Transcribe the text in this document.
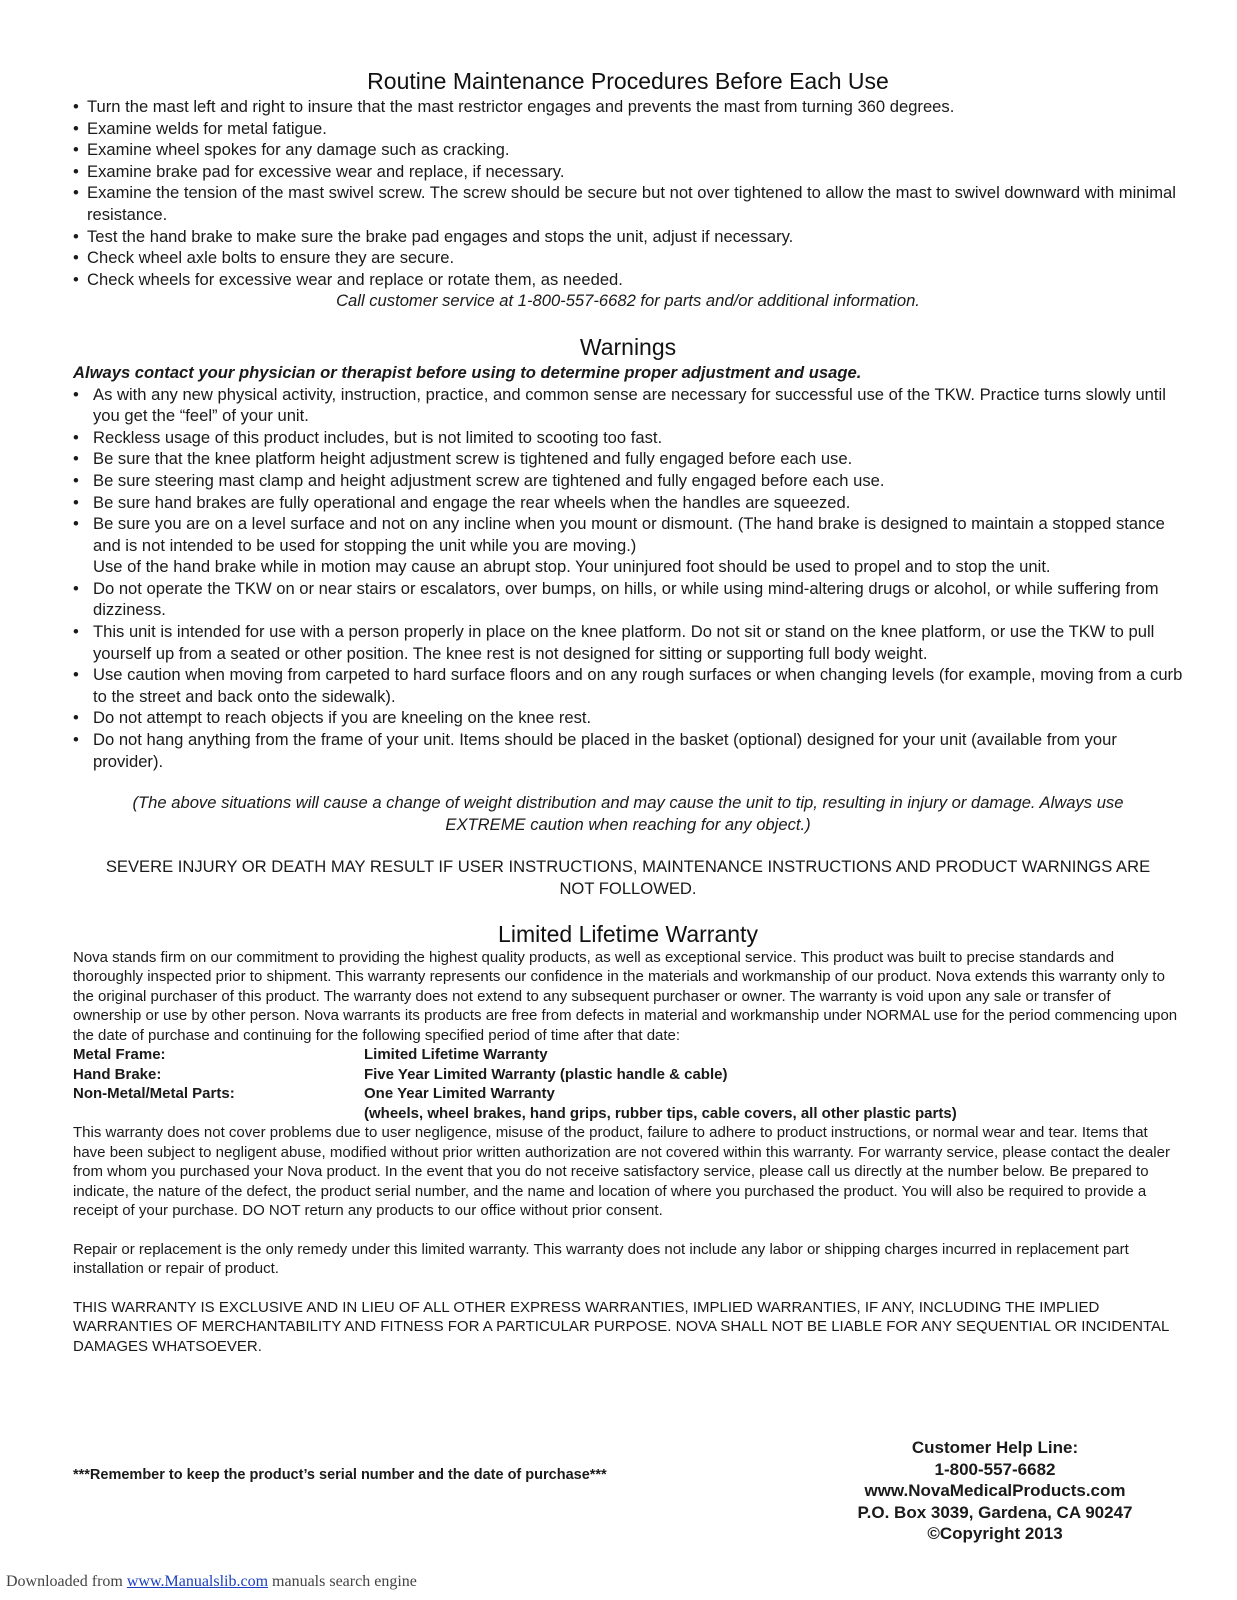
Routine Maintenance Procedures Before Each Use
• Turn the mast left and right to insure that the mast restrictor engages and prevents the mast from turning 360 degrees.
• Examine welds for metal fatigue.
• Examine wheel spokes for any damage such as cracking.
• Examine brake pad for excessive wear and replace, if necessary.
• Examine the tension of the mast swivel screw. The screw should be secure but not over tightened to allow the mast to swivel downward with minimal resistance.
• Test the hand brake to make sure the brake pad engages and stops the unit, adjust if necessary.
• Check wheel axle bolts to ensure they are secure.
• Check wheels for excessive wear and replace or rotate them, as needed.
Call customer service at 1-800-557-6682 for parts and/or additional information.
Warnings
Always contact your physician or therapist before using to determine proper adjustment and usage.
• As with any new physical activity, instruction, practice, and common sense are necessary for successful use of the TKW. Practice turns slowly until you get the “feel” of your unit.
• Reckless usage of this product includes, but is not limited to scooting too fast.
• Be sure that the knee platform height adjustment screw is tightened and fully engaged before each use.
• Be sure steering mast clamp and height adjustment screw are tightened and fully engaged before each use.
• Be sure hand brakes are fully operational and engage the rear wheels when the handles are squeezed.
• Be sure you are on a level surface and not on any incline when you mount or dismount. (The hand brake is designed to maintain a stopped stance and is not intended to be used for stopping the unit while you are moving.)
Use of the hand brake while in motion may cause an abrupt stop. Your uninjured foot should be used to propel and to stop the unit.
• Do not operate the TKW on or near stairs or escalators, over bumps, on hills, or while using mind-altering drugs or alcohol, or while suffering from dizziness.
• This unit is intended for use with a person properly in place on the knee platform. Do not sit or stand on the knee platform, or use the TKW to pull yourself up from a seated or other position. The knee rest is not designed for sitting or supporting full body weight.
• Use caution when moving from carpeted to hard surface floors and on any rough surfaces or when changing levels (for example, moving from a curb to the street and back onto the sidewalk).
• Do not attempt to reach objects if you are kneeling on the knee rest.
• Do not hang anything from the frame of your unit. Items should be placed in the basket (optional) designed for your unit (available from your provider).
(The above situations will cause a change of weight distribution and may cause the unit to tip, resulting in injury or damage. Always use EXTREME caution when reaching for any object.)
SEVERE INJURY OR DEATH MAY RESULT IF USER INSTRUCTIONS, MAINTENANCE INSTRUCTIONS AND PRODUCT WARNINGS ARE NOT FOLLOWED.
Limited Lifetime Warranty

Nova stands firm on our commitment to providing the highest quality products, as well as exceptional service. This product was built to precise standards and thoroughly inspected prior to shipment. This warranty represents our confidence in the materials and workmanship of our product. Nova extends this warranty only to the original purchaser of this product. The warranty does not extend to any subsequent purchaser or owner. The warranty is void upon any sale or transfer of ownership or use by other person. Nova warrants its products are free from defects in material and workmanship under NORMAL use for the period commencing upon the date of purchase and continuing for the following specified period of time after that date:

Metal Frame:	Limited Lifetime Warranty
Hand Brake:	Five Year Limited Warranty (plastic handle & cable)
Non-Metal/Metal Parts:	One Year Limited Warranty
(wheels, wheel brakes, hand grips, rubber tips, cable covers, all other plastic parts)

This warranty does not cover problems due to user negligence, misuse of the product, failure to adhere to product instructions, or normal wear and tear. Items that have been subject to negligent abuse, modified without prior written authorization are not covered within this warranty. For warranty service, please contact the dealer from whom you purchased your Nova product. In the event that you do not receive satisfactory service, please call us directly at the number below. Be prepared to indicate, the nature of the defect, the product serial number, and the name and location of where you purchased the product. You will also be required to provide a receipt of your purchase. DO NOT return any products to our office without prior consent.

Repair or replacement is the only remedy under this limited warranty. This warranty does not include any labor or shipping charges incurred in replacement part installation or repair of product.

THIS WARRANTY IS EXCLUSIVE AND IN LIEU OF ALL OTHER EXPRESS WARRANTIES, IMPLIED WARRANTIES, IF ANY, INCLUDING THE IMPLIED WARRANTIES OF MERCHANTABILITY AND FITNESS FOR A PARTICULAR PURPOSE. NOVA SHALL NOT BE LIABLE FOR ANY SEQUENTIAL OR INCIDENTAL DAMAGES WHATSOEVER.

***Remember to keep the product’s serial number and the date of purchase***
Customer Help Line:
1-800-557-6682
www.NovaMedicalProducts.com
P.O. Box 3039, Gardena, CA 90247
©Copyright 2013
Downloaded from www.Manualslib.com manuals search engine
